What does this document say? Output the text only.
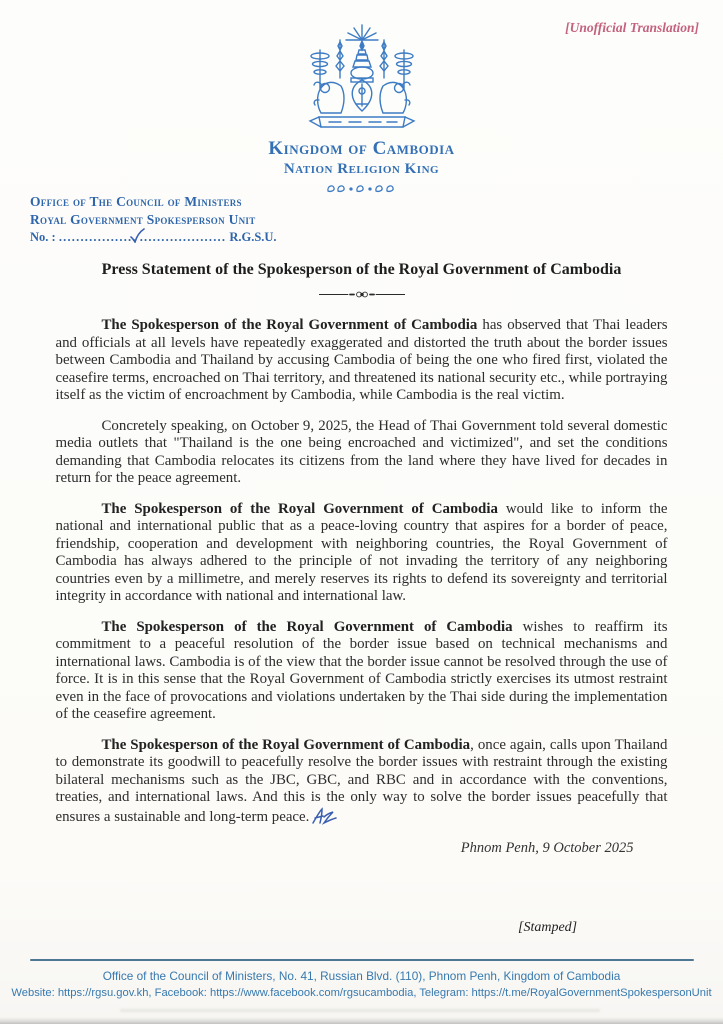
[Unofficial Translation]
Kingdom of Cambodia
Nation Religion King
Office of The Council of Ministers
Royal Government Spokesperson Unit
No. : .................. .................... R.G.S.U.
Press Statement of the Spokesperson of the Royal Government of Cambodia

The Spokesperson of the Royal Government of Cambodia has observed that Thai leaders and officials at all levels have repeatedly exaggerated and distorted the truth about the border issues between Cambodia and Thailand by accusing Cambodia of being the one who fired first, violated the ceasefire terms, encroached on Thai territory, and threatened its national security etc., while portraying itself as the victim of encroachment by Cambodia, while Cambodia is the real victim.

Concretely speaking, on October 9, 2025, the Head of Thai Government told several domestic media outlets that "Thailand is the one being encroached and victimized", and set the conditions demanding that Cambodia relocates its citizens from the land where they have lived for decades in return for the peace agreement.

The Spokesperson of the Royal Government of Cambodia would like to inform the national and international public that as a peace-loving country that aspires for a border of peace, friendship, cooperation and development with neighboring countries, the Royal Government of Cambodia has always adhered to the principle of not invading the territory of any neighboring countries even by a millimetre, and merely reserves its rights to defend its sovereignty and territorial integrity in accordance with national and international law.

The Spokesperson of the Royal Government of Cambodia wishes to reaffirm its commitment to a peaceful resolution of the border issue based on technical mechanisms and international laws. Cambodia is of the view that the border issue cannot be resolved through the use of force. It is in this sense that the Royal Government of Cambodia strictly exercises its utmost restraint even in the face of provocations and violations undertaken by the Thai side during the implementation of the ceasefire agreement.

The Spokesperson of the Royal Government of Cambodia, once again, calls upon Thailand to demonstrate its goodwill to peacefully resolve the border issues with restraint through the existing bilateral mechanisms such as the JBC, GBC, and RBC and in accordance with the conventions, treaties, and international laws. And this is the only way to solve the border issues peacefully that ensures a sustainable and long-term peace.

Phnom Penh, 9 October 2025
[Stamped]
Office of the Council of Ministers, No. 41, Russian Blvd. (110), Phnom Penh, Kingdom of Cambodia
Website: https://rgsu.gov.kh, Facebook: https://www.facebook.com/rgsucambodia, Telegram: https://t.me/RoyalGovernmentSpokespersonUnit
